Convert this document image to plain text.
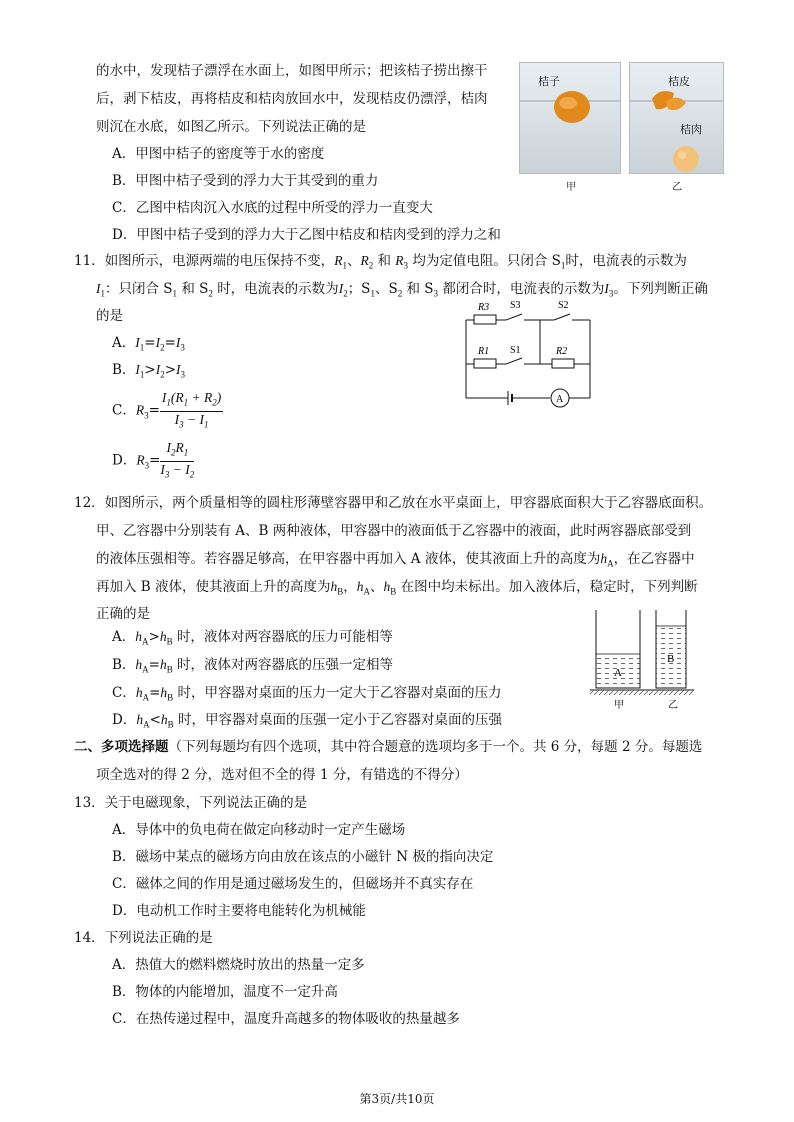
的水中，发现桔子漂浮在水面上，如图甲所示；把该桔子捞出擦干
后，剥下桔皮，再将桔皮和桔肉放回水中，发现桔皮仍漂浮，桔肉
则沉在水底，如图乙所示。下列说法正确的是
A．甲图中桔子的密度等于水的密度
B．甲图中桔子受到的浮力大于其受到的重力
C．乙图中桔肉沉入水底的过程中所受的浮力一直变大
D．甲图中桔子受到的浮力大于乙图中桔皮和桔肉受到的浮力之和
桔子	桔皮
桔肉
甲	乙
11．如图所示，电源两端的电压保持不变，$R_1$、$R_2$ 和 $R_3$ 均为定值电阻。只闭合 $S_1$时，电流表的示数为
$I_1$：只闭合 $S_1$ 和 $S_2$ 时，电流表的示数为$I_2$；$S_1$、$S_2$ 和 $S_3$ 都闭合时，电流表的示数为$I_3$。下列判断正确
的是
A．$I_1=I_2=I_3$
B．$I_1>I_2>I_3$
C．$R_3= \frac{I_1(R_1 + R_2)}{I_3 - I_1}$
D．$R_3= \frac{I_2R_1}{I_3 - I_2}$
R3 S3	S2
R1 S1	R2
A
12．如图所示，两个质量相等的圆柱形薄壁容器甲和乙放在水平桌面上，甲容器底面积大于乙容器底面积。
甲、乙容器中分别装有 A、B 两种液体，甲容器中的液面低于乙容器中的液面，此时两容器底部受到
的液体压强相等。若容器足够高，在甲容器中再加入 A 液体，使其液面上升的高度为$h_A$，在乙容器中
再加入 B 液体，使其液面上升的高度为$h_B$，$h_A$、$h_B$ 在图中均未标出。加入液体后，稳定时，下列判断
正确的是
A．$h_A>h_B$ 时，液体对两容器底的压力可能相等
B．$h_A=h_B$ 时，液体对两容器底的压强一定相等
C．$h_A=h_B$ 时，甲容器对桌面的压力一定大于乙容器对桌面的压力
D．$h_A<h_B$ 时，甲容器对桌面的压强一定小于乙容器对桌面的压强
A
B
甲	乙
二、多项选择题（下列每题均有四个选项，其中符合题意的选项均多于一个。共 6 分，每题 2 分。每题选
项全选对的得 2 分，选对但不全的得 1 分，有错选的不得分）
13．关于电磁现象，下列说法正确的是
A．导体中的负电荷在做定向移动时一定产生磁场
B．磁场中某点的磁场方向由放在该点的小磁针 N 极的指向决定
C．磁体之间的作用是通过磁场发生的，但磁场并不真实存在
D．电动机工作时主要将电能转化为机械能
14．下列说法正确的是
A．热值大的燃料燃烧时放出的热量一定多
B．物体的内能增加，温度不一定升高
C．在热传递过程中，温度升高越多的物体吸收的热量越多
第3页/共10页
